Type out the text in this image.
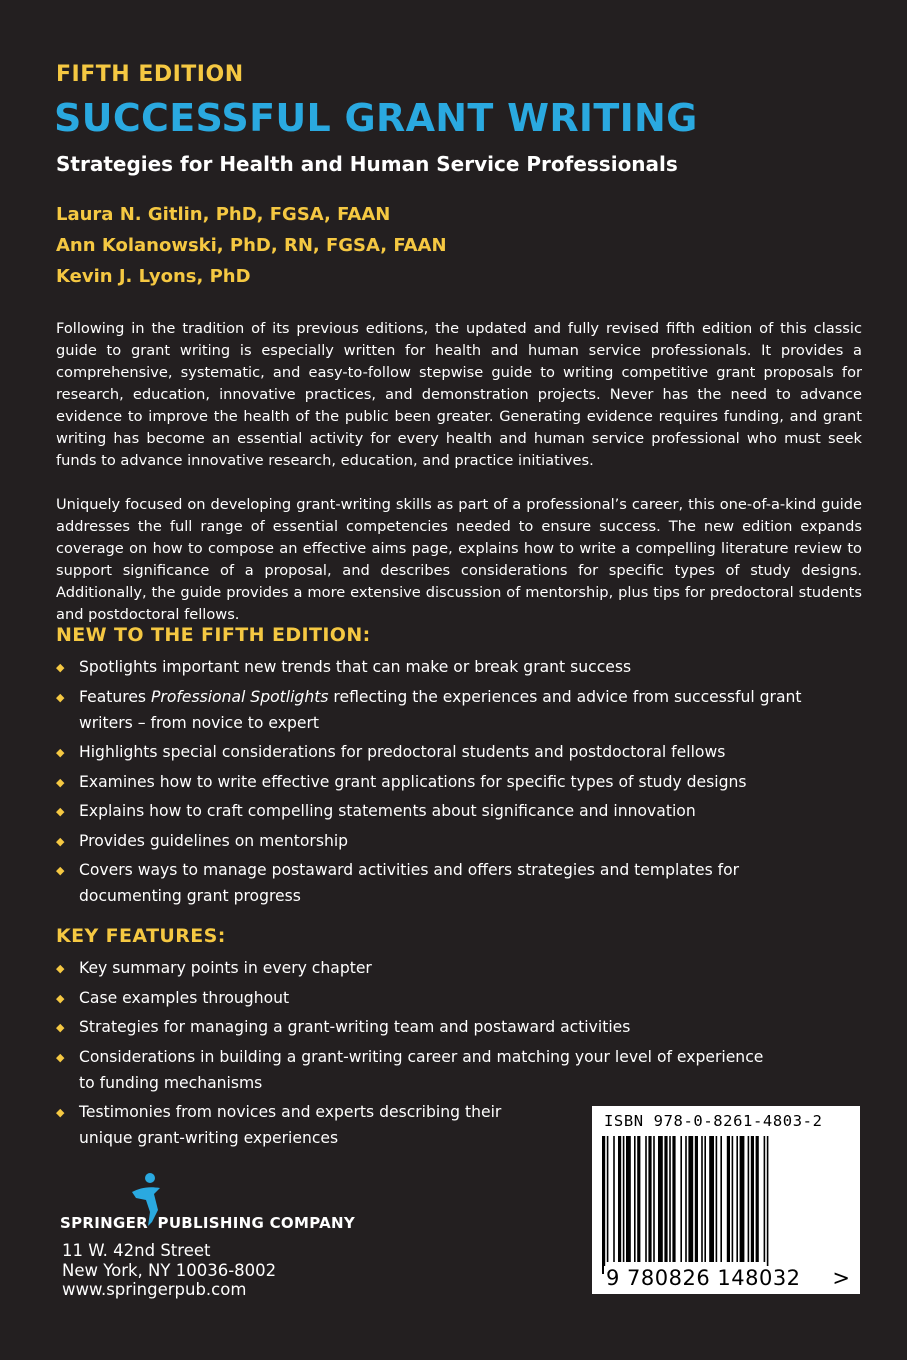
FIFTH EDITION
SUCCESSFUL GRANT WRITING
Strategies for Health and Human Service Professionals
Laura N. Gitlin, PhD, FGSA, FAAN
Ann Kolanowski, PhD, RN, FGSA, FAAN
Kevin J. Lyons, PhD
Following in the tradition of its previous editions, the updated and fully revised fifth edition of this classic guide to grant writing is especially written for health and human service professionals. It provides a comprehensive, systematic, and easy-to-follow stepwise guide to writing competitive grant proposals for research, education, innovative practices, and demonstration projects. Never has the need to advance evidence to improve the health of the public been greater. Generating evidence requires funding, and grant writing has become an essential activity for every health and human service professional who must seek funds to advance innovative research, education, and practice initiatives.
Uniquely focused on developing grant-writing skills as part of a professional’s career, this one-of-a-kind guide addresses the full range of essential competencies needed to ensure success. The new edition expands coverage on how to compose an effective aims page, explains how to write a compelling literature review to support significance of a proposal, and describes considerations for specific types of study designs. Additionally, the guide provides a more extensive discussion of mentorship, plus tips for predoctoral students and postdoctoral fellows.
NEW TO THE FIFTH EDITION:
◆ Spotlights important new trends that can make or break grant success
◆ Features Professional Spotlights reflecting the experiences and advice from successful grant writers – from novice to expert
◆ Highlights special considerations for predoctoral students and postdoctoral fellows
◆ Examines how to write effective grant applications for specific types of study designs
◆ Explains how to craft compelling statements about significance and innovation
◆ Provides guidelines on mentorship
◆ Covers ways to manage postaward activities and offers strategies and templates for documenting grant progress
KEY FEATURES:
◆ Key summary points in every chapter
◆ Case examples throughout
◆ Strategies for managing a grant-writing team and postaward activities
◆ Considerations in building a grant-writing career and matching your level of experience to funding mechanisms
◆ Testimonies from novices and experts describing their unique grant-writing experiences
SPRINGER PUBLISHING COMPANY
11 W. 42nd Street
New York, NY 10036-8002
www.springerpub.com
ISBN 978-0-8261-4803-2
9 780826 148032 >
